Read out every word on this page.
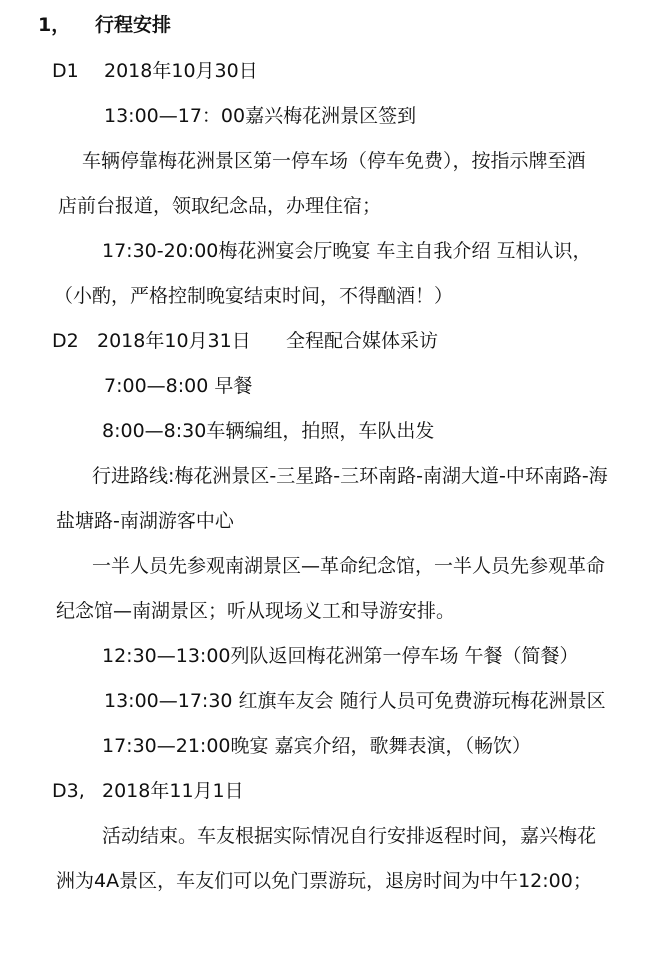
1， 行程安排
D1 2018年10月30日
13:00—17：00嘉兴梅花洲景区签到
车辆停靠梅花洲景区第一停车场（停车免费），按指示牌至酒
店前台报道，领取纪念品，办理住宿；
17:30-20:00梅花洲宴会厅晚宴 车主自我介绍 互相认识，
（小酌，严格控制晚宴结束时间，不得酗酒！）
D2 2018年10月31日 全程配合媒体采访
7:00—8:00 早餐
8:00—8:30车辆编组，拍照，车队出发
行进路线:梅花洲景区-三星路-三环南路-南湖大道-中环南路-海
盐塘路-南湖游客中心
一半人员先参观南湖景区—革命纪念馆，一半人员先参观革命
纪念馆—南湖景区；听从现场义工和导游安排。
12:30—13:00列队返回梅花洲第一停车场 午餐（简餐）
13:00—17:30 红旗车友会 随行人员可免费游玩梅花洲景区
17:30—21:00晚宴 嘉宾介绍，歌舞表演，（畅饮）
D3, 2018年11月1日
活动结束。车友根据实际情况自行安排返程时间，嘉兴梅花
洲为4A景区，车友们可以免门票游玩，退房时间为中午12:00；
